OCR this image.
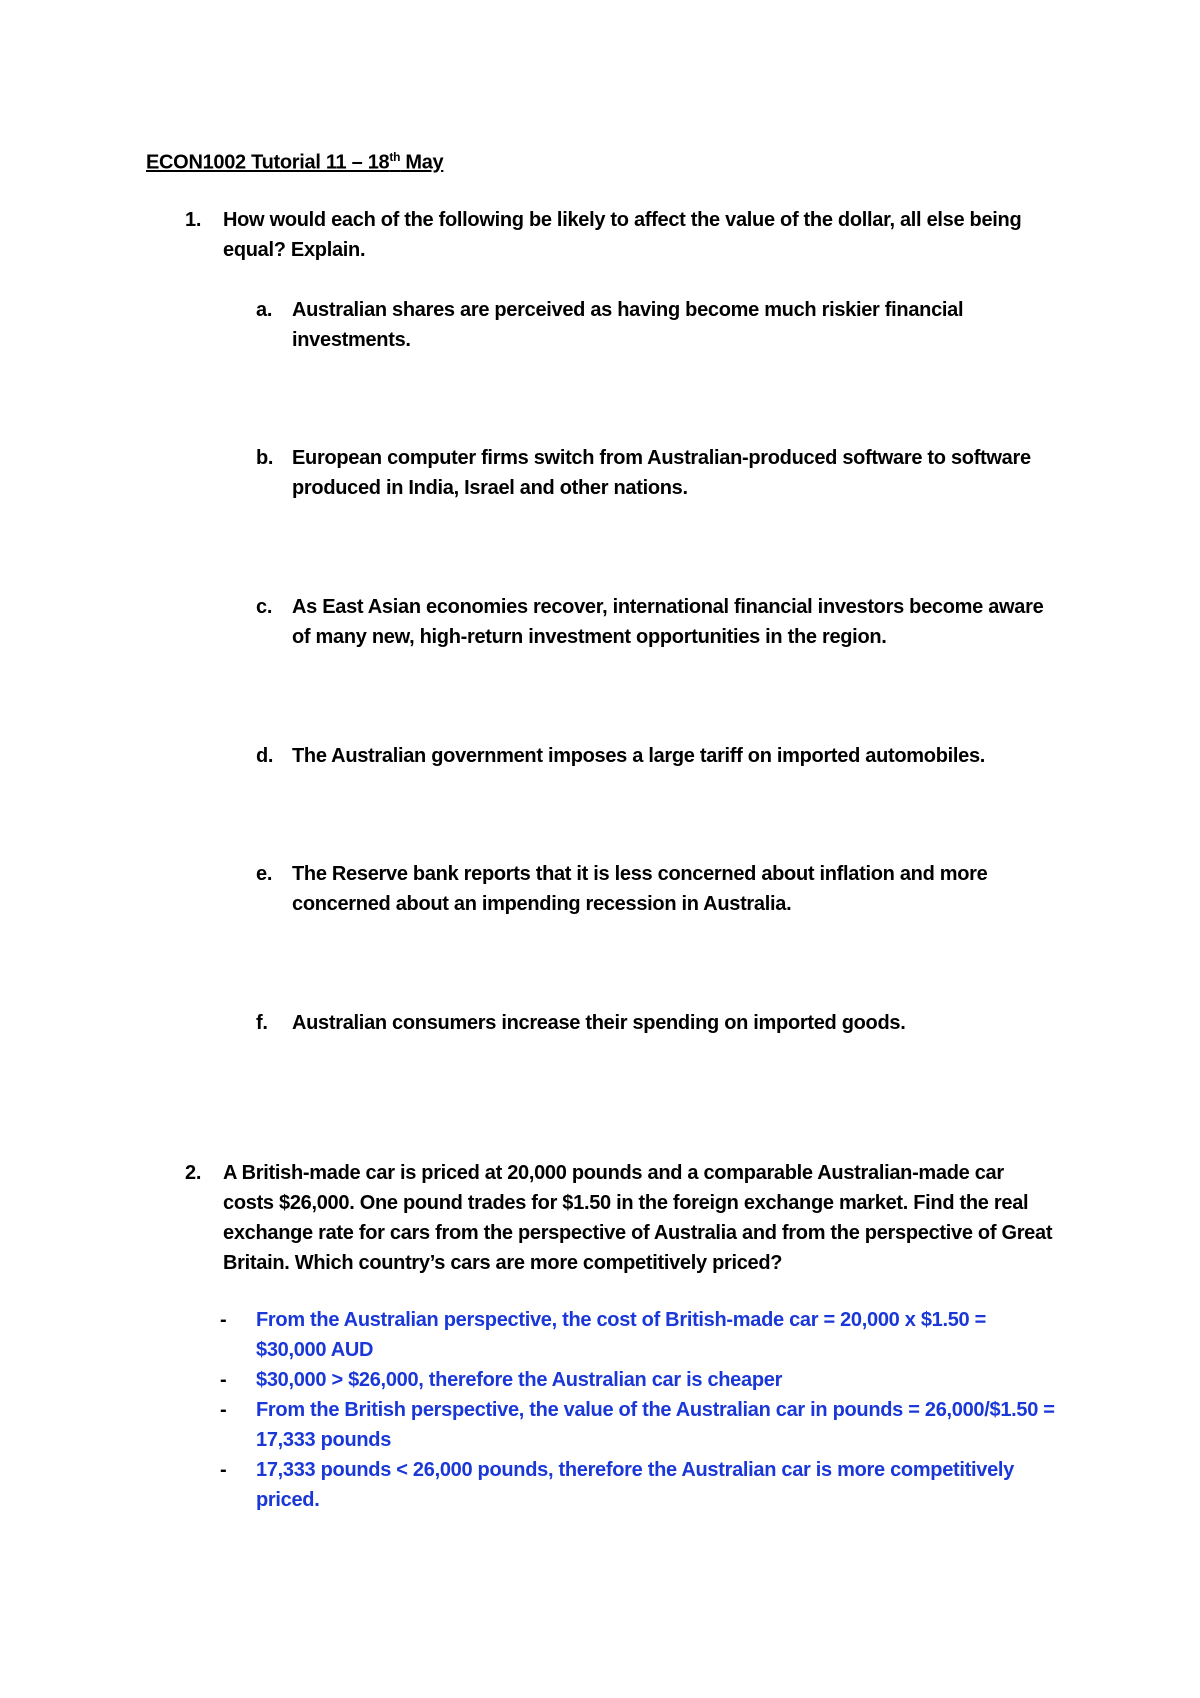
ECON1002 Tutorial 11 – 18th May
1. How would each of the following be likely to affect the value of the dollar, all else being equal? Explain.
a. Australian shares are perceived as having become much riskier financial investments.
b. European computer firms switch from Australian-produced software to software produced in India, Israel and other nations.
c. As East Asian economies recover, international financial investors become aware of many new, high-return investment opportunities in the region.
d. The Australian government imposes a large tariff on imported automobiles.
e. The Reserve bank reports that it is less concerned about inflation and more concerned about an impending recession in Australia.
f. Australian consumers increase their spending on imported goods.
2. A British-made car is priced at 20,000 pounds and a comparable Australian-made car costs $26,000. One pound trades for $1.50 in the foreign exchange market. Find the real exchange rate for cars from the perspective of Australia and from the perspective of Great Britain. Which country’s cars are more competitively priced?
- From the Australian perspective, the cost of British-made car = 20,000 x $1.50 = $30,000 AUD
- $30,000 > $26,000, therefore the Australian car is cheaper
- From the British perspective, the value of the Australian car in pounds = 26,000/$1.50 = 17,333 pounds
- 17,333 pounds < 26,000 pounds, therefore the Australian car is more competitively priced.
